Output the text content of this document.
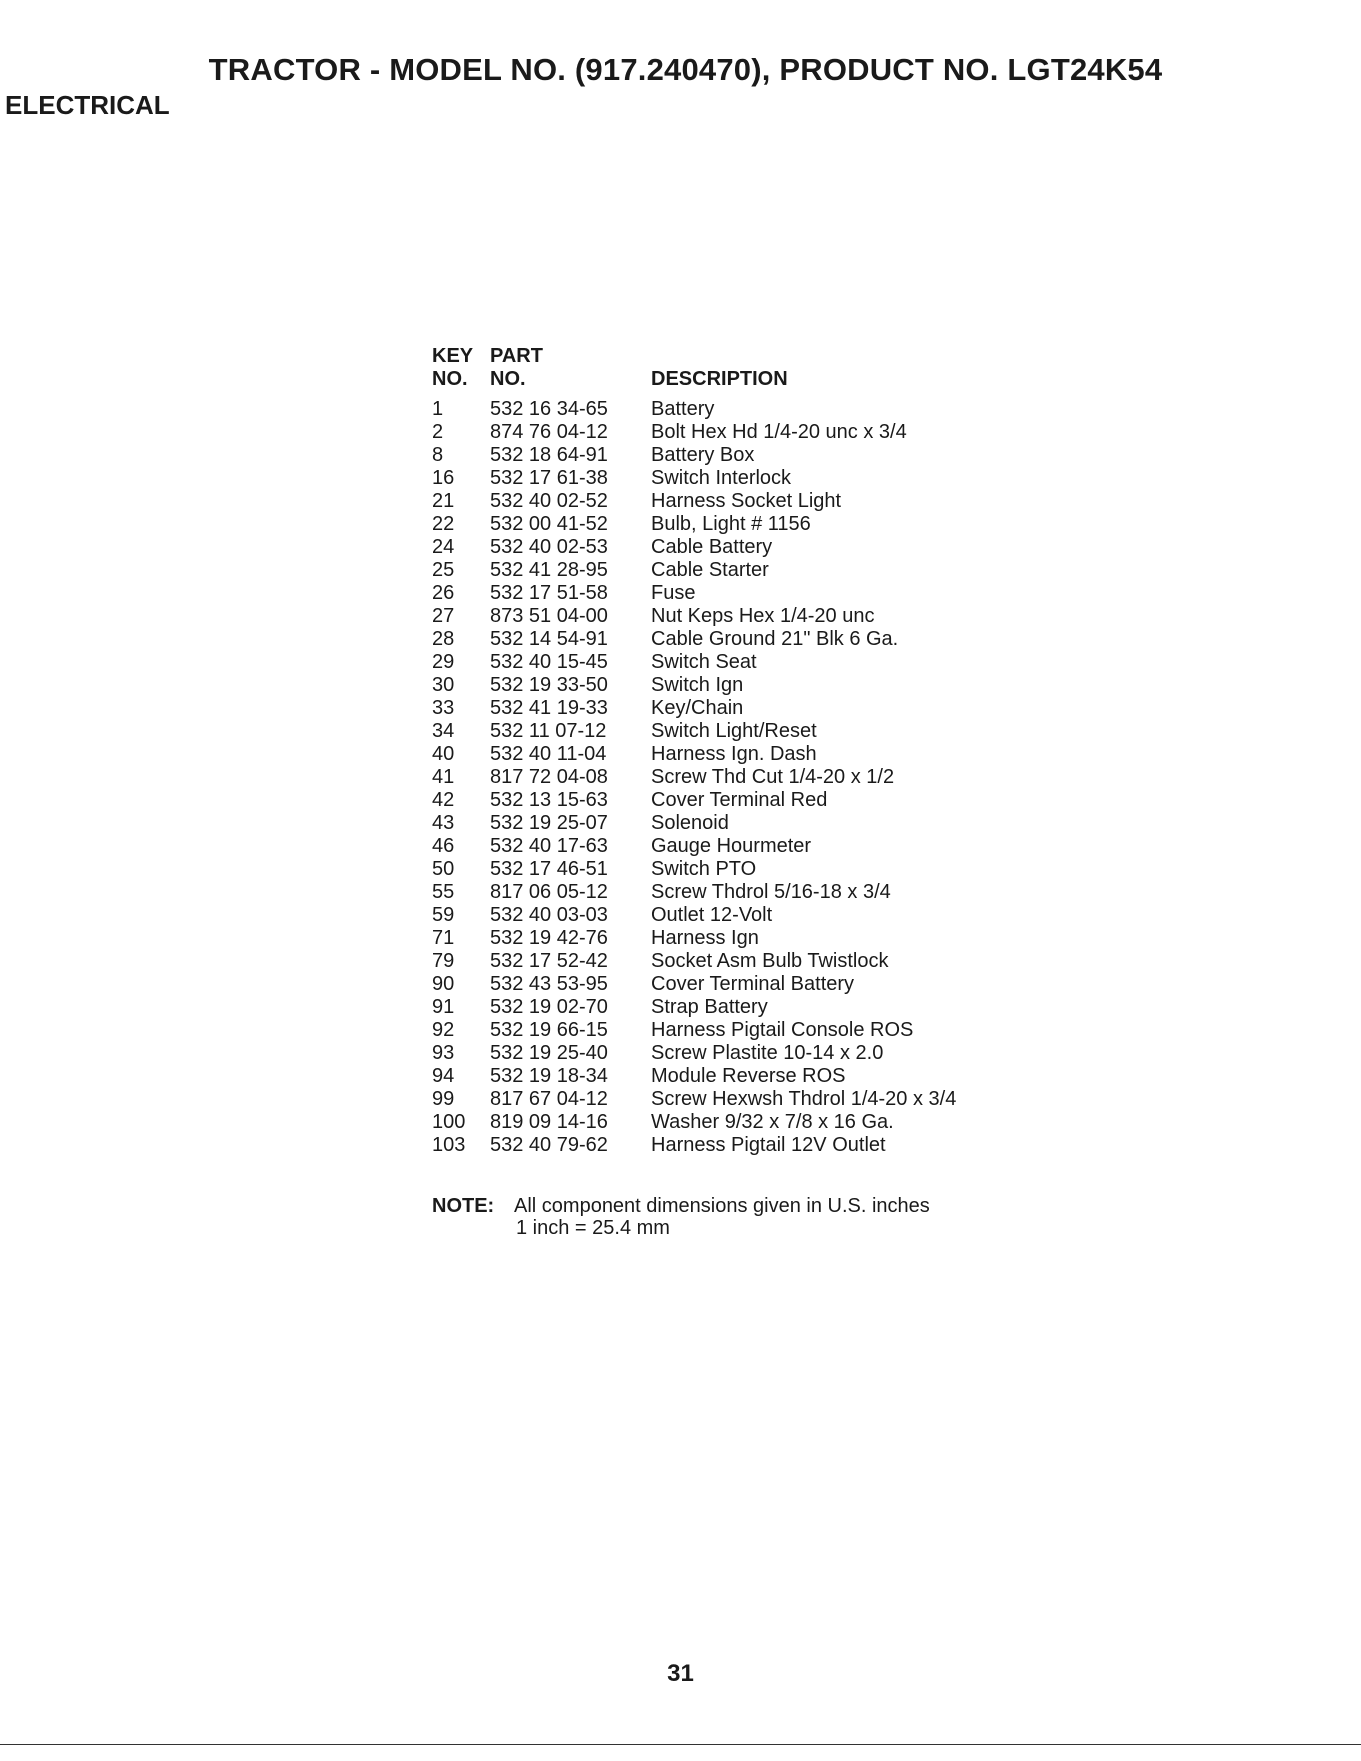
TRACTOR - MODEL NO. (917.240470), PRODUCT NO. LGT24K54
ELECTRICAL
KEY PART
NO.	NO.	DESCRIPTION
1	532 16 34-65	Battery
2	874 76 04-12	Bolt Hex Hd 1/4-20 unc x 3/4
8	532 18 64-91	Battery Box
16	532 17 61-38	Switch Interlock
21	532 40 02-52	Harness Socket Light
22	532 00 41-52	Bulb, Light # 1156
24	532 40 02-53	Cable Battery
25	532 41 28-95	Cable Starter
26	532 17 51-58	Fuse
27	873 51 04-00	Nut Keps Hex 1/4-20 unc
28	532 14 54-91	Cable Ground 21" Blk 6 Ga.
29	532 40 15-45	Switch Seat
30	532 19 33-50	Switch Ign
33	532 41 19-33	Key/Chain
34	532 11 07-12	Switch Light/Reset
40	532 40 11-04	Harness Ign. Dash
41	817 72 04-08	Screw Thd Cut 1/4-20 x 1/2
42	532 13 15-63	Cover Terminal Red
43	532 19 25-07	Solenoid
46	532 40 17-63	Gauge Hourmeter
50	532 17 46-51	Switch PTO
55	817 06 05-12	Screw Thdrol 5/16-18 x 3/4
59	532 40 03-03	Outlet 12-Volt
71	532 19 42-76	Harness Ign
79	532 17 52-42	Socket Asm Bulb Twistlock
90	532 43 53-95	Cover Terminal Battery
91	532 19 02-70	Strap Battery
92	532 19 66-15	Harness Pigtail Console ROS
93	532 19 25-40	Screw Plastite 10-14 x 2.0
94	532 19 18-34	Module Reverse ROS
99	817 67 04-12	Screw Hexwsh Thdrol 1/4-20 x 3/4
100	819 09 14-16	Washer 9/32 x 7/8 x 16 Ga.
103	532 40 79-62	Harness Pigtail 12V Outlet
NOTE: All component dimensions given in U.S. inches
1 inch = 25.4 mm
31
